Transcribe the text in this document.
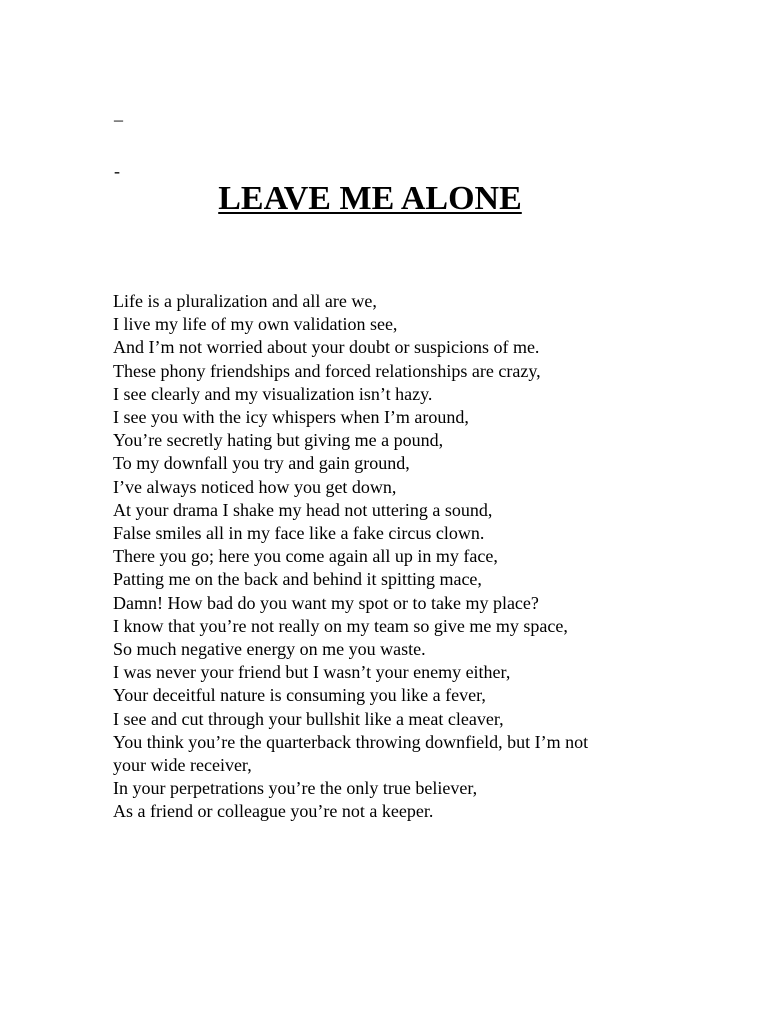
_
-
LEAVE ME ALONE
Life is a pluralization and all are we,
I live my life of my own validation see,
And I’m not worried about your doubt or suspicions of me.
These phony friendships and forced relationships are crazy,
I see clearly and my visualization isn’t hazy.
I see you with the icy whispers when I’m around,
You’re secretly hating but giving me a pound,
To my downfall you try and gain ground,
I’ve always noticed how you get down,
At your drama I shake my head not uttering a sound,
False smiles all in my face like a fake circus clown.
There you go; here you come again all up in my face,
Patting me on the back and behind it spitting mace,
Damn! How bad do you want my spot or to take my place?
I know that you’re not really on my team so give me my space,
So much negative energy on me you waste.
I was never your friend but I wasn’t your enemy either,
Your deceitful nature is consuming you like a fever,
I see and cut through your bullshit like a meat cleaver,
You think you’re the quarterback throwing downfield, but I’m not
your wide receiver,
In your perpetrations you’re the only true believer,
As a friend or colleague you’re not a keeper.
